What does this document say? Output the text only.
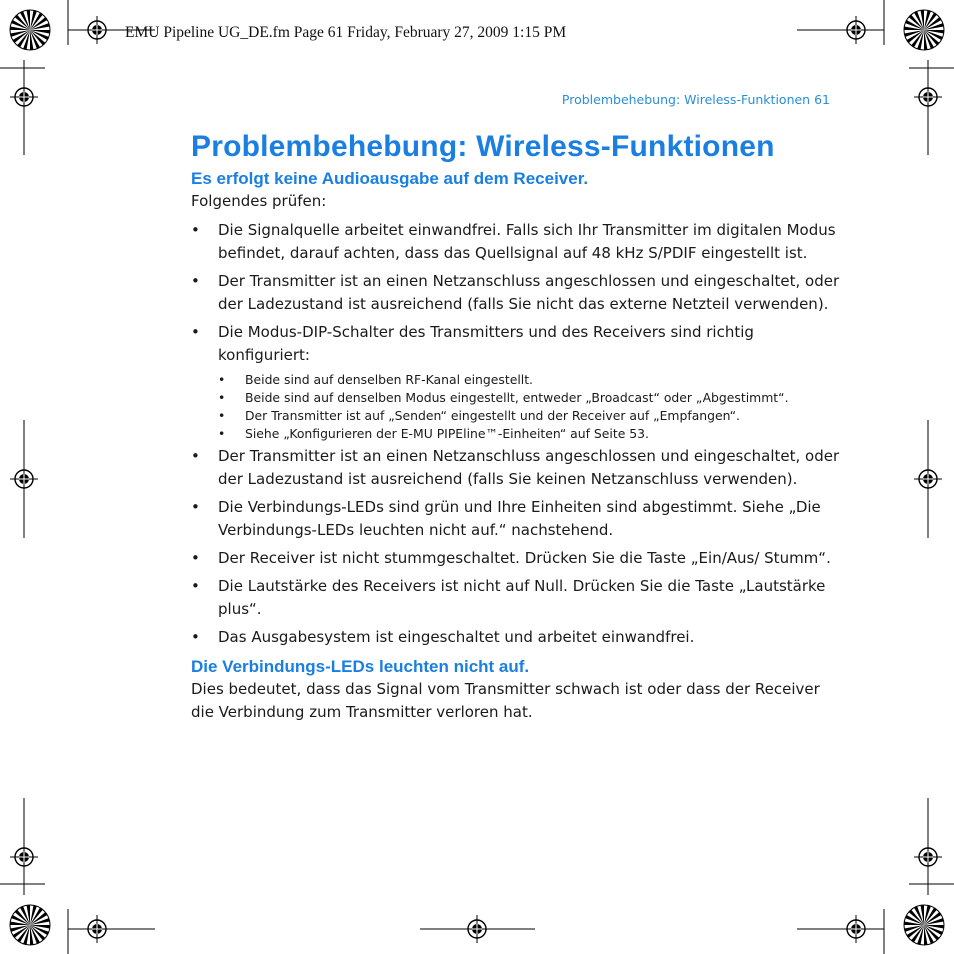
EMU Pipeline UG_DE.fm Page 61 Friday, February 27, 2009 1:15 PM
Problembehebung: Wireless-Funktionen 61
Problembehebung: Wireless-Funktionen
Es erfolgt keine Audioausgabe auf dem Receiver.

Folgendes prüfen:

• Die Signalquelle arbeitet einwandfrei. Falls sich Ihr Transmitter im digitalen Modus befindet, darauf achten, dass das Quellsignal auf 48 kHz S/PDIF eingestellt ist.
• Der Transmitter ist an einen Netzanschluss angeschlossen und eingeschaltet, oder der Ladezustand ist ausreichend (falls Sie nicht das externe Netzteil verwenden).
• Die Modus-DIP-Schalter des Transmitters und des Receivers sind richtig konfiguriert:
• Beide sind auf denselben RF-Kanal eingestellt.
• Beide sind auf denselben Modus eingestellt, entweder „Broadcast“ oder „Abgestimmt“.
• Der Transmitter ist auf „Senden“ eingestellt und der Receiver auf „Empfangen“.
• Siehe „Konfigurieren der E-MU PIPEline™-Einheiten“ auf Seite 53.
• Der Transmitter ist an einen Netzanschluss angeschlossen und eingeschaltet, oder der Ladezustand ist ausreichend (falls Sie keinen Netzanschluss verwenden).
• Die Verbindungs-LEDs sind grün und Ihre Einheiten sind abgestimmt. Siehe „Die Verbindungs-LEDs leuchten nicht auf.“ nachstehend.
• Der Receiver ist nicht stummgeschaltet. Drücken Sie die Taste „Ein/Aus/ Stumm“.
• Die Lautstärke des Receivers ist nicht auf Null. Drücken Sie die Taste „Lautstärke plus“.
• Das Ausgabesystem ist eingeschaltet und arbeitet einwandfrei.
Die Verbindungs-LEDs leuchten nicht auf.

Dies bedeutet, dass das Signal vom Transmitter schwach ist oder dass der Receiver die Verbindung zum Transmitter verloren hat.
